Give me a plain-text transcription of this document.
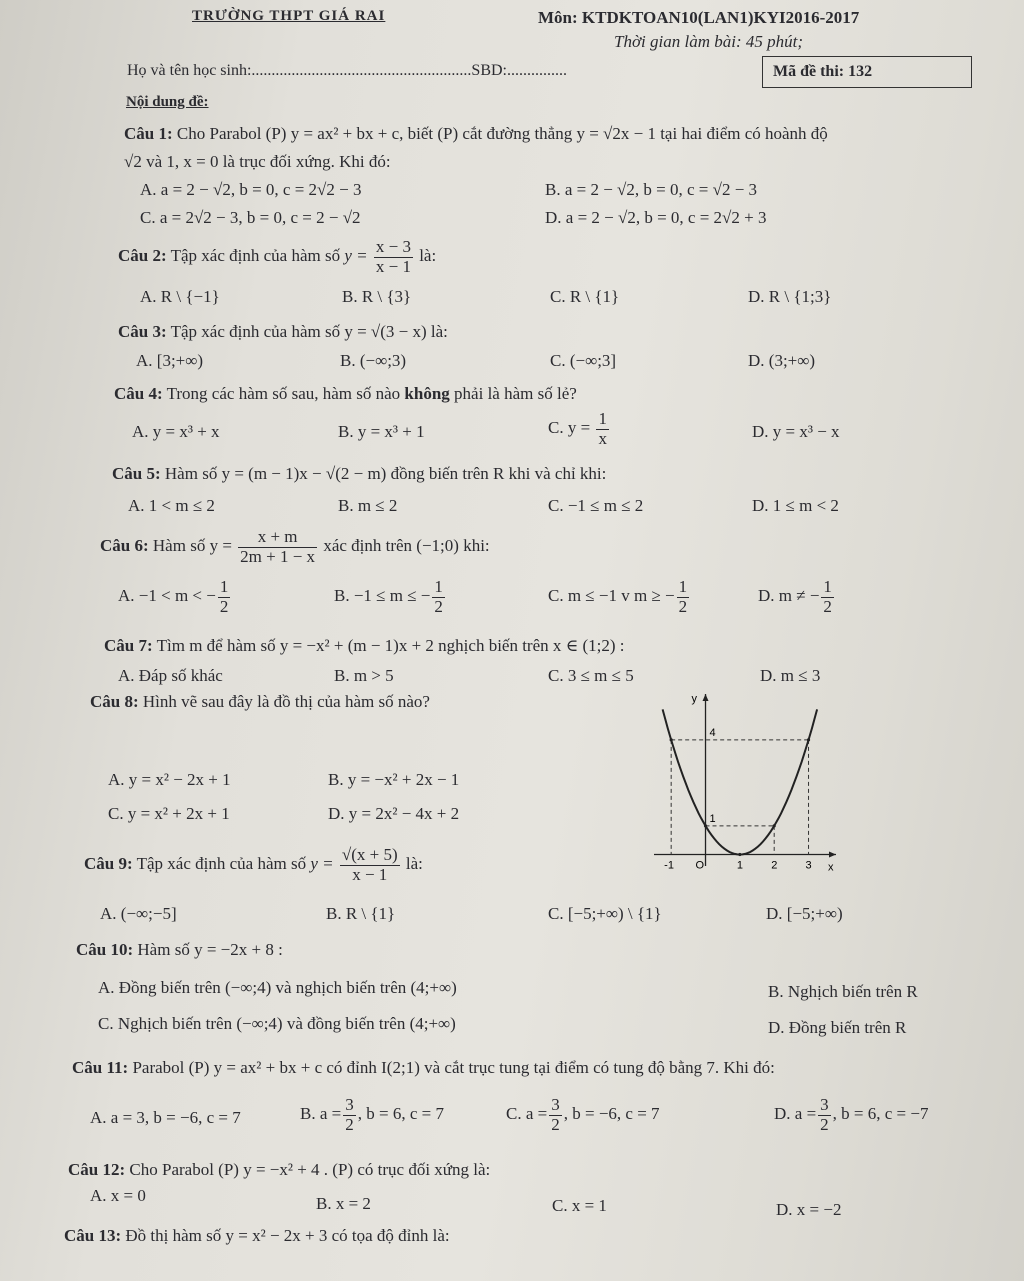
TRƯỜNG THPT GIÁ RAI	Môn: KTDKTOAN10(LAN1)KYI2016-2017
Thời gian làm bài: 45 phút;
Họ và tên học sinh:.......................................................SBD:...............	Mã đề thi: 132
Nội dung đề:
Câu 1: Cho Parabol (P) y = ax² + bx + c, biết (P) cắt đường thẳng y = √2x − 1 tại hai điểm có hoành độ
√2 và 1, x = 0 là trục đối xứng. Khi đó:
A. a = 2 − √2, b = 0, c = 2√2 − 3	B. a = 2 − √2, b = 0, c = √2 − 3
C. a = 2√2 − 3, b = 0, c = 2 − √2	D. a = 2 − √2, b = 0, c = 2√2 + 3
Câu 2: Tập xác định của hàm số $y = \frac{x - 3}{x - 1}$ là:
A. R \ {−1}	B. R \ {3}	C. R \ {1}	D. R \ {1;3}
Câu 3: Tập xác định của hàm số y = √(3 − x) là:
A. [3;+∞)	B. (−∞;3)	C. (−∞;3]	D. (3;+∞)
Câu 4: Trong các hàm số sau, hàm số nào không phải là hàm số lẻ?
A. y = x³ + x	B. y = x³ + 1	C. $y = \frac{1}{x}$	D. y = x³ − x
Câu 5: Hàm số y = (m − 1)x − √(2 − m) đồng biến trên R khi và chỉ khi:
A. 1 < m ≤ 2	B. m ≤ 2	C. −1 ≤ m ≤ 2	D. 1 ≤ m < 2
Câu 6: Hàm số $y = \frac{x + m}{2m + 1 - x}$ xác định trên (−1;0) khi:
A. −1 < m < − $\frac{1}{2}$	B. −1 ≤ m ≤ − $\frac{1}{2}$	C. m ≤ −1 v m ≥ − $\frac{1}{2}$	D. m ≠ − $\frac{1}{2}$
Câu 7: Tìm m để hàm số y = −x² + (m − 1)x + 2 nghịch biến trên x ∈ (1;2) :
A. Đáp số khác	B. m > 5	C. 3 ≤ m ≤ 5	D. m ≤ 3
Câu 8: Hình vẽ sau đây là đồ thị của hàm số nào?
A. y = x² − 2x + 1	B. y = −x² + 2x − 1
C. y = x² + 2x + 1	D. y = 2x² − 4x + 2
x
y
O
-1	1	2	3
1
4
Câu 9: Tập xác định của hàm số $y = \frac{√(x + 5)}{x - 1}$ là:
A. (−∞;−5]	B. R \ {1}	C. [−5;+∞) \ {1}	D. [−5;+∞)
Câu 10: Hàm số y = −2x + 8 :
A. Đồng biến trên (−∞;4) và nghịch biến trên (4;+∞)	B. Nghịch biến trên R
C. Nghịch biến trên (−∞;4) và đồng biến trên (4;+∞)	D. Đồng biến trên R
Câu 11: Parabol (P) y = ax² + bx + c có đỉnh I(2;1) và cắt trục tung tại điểm có tung độ bằng 7. Khi đó:
A. a = 3, b = −6, c = 7	B. $a = \frac{3}{2}$ , b = 6, c = 7	C. $a = \frac{3}{2}$ , b = −6, c = 7	D. $a = \frac{3}{2}$ , b = 6, c = −7
Câu 12: Cho Parabol (P) y = −x² + 4 . (P) có trục đối xứng là:
A. x = 0	B. x = 2	C. x = 1	D. x = −2
Câu 13: Đồ thị hàm số y = x² − 2x + 3 có tọa độ đỉnh là:
